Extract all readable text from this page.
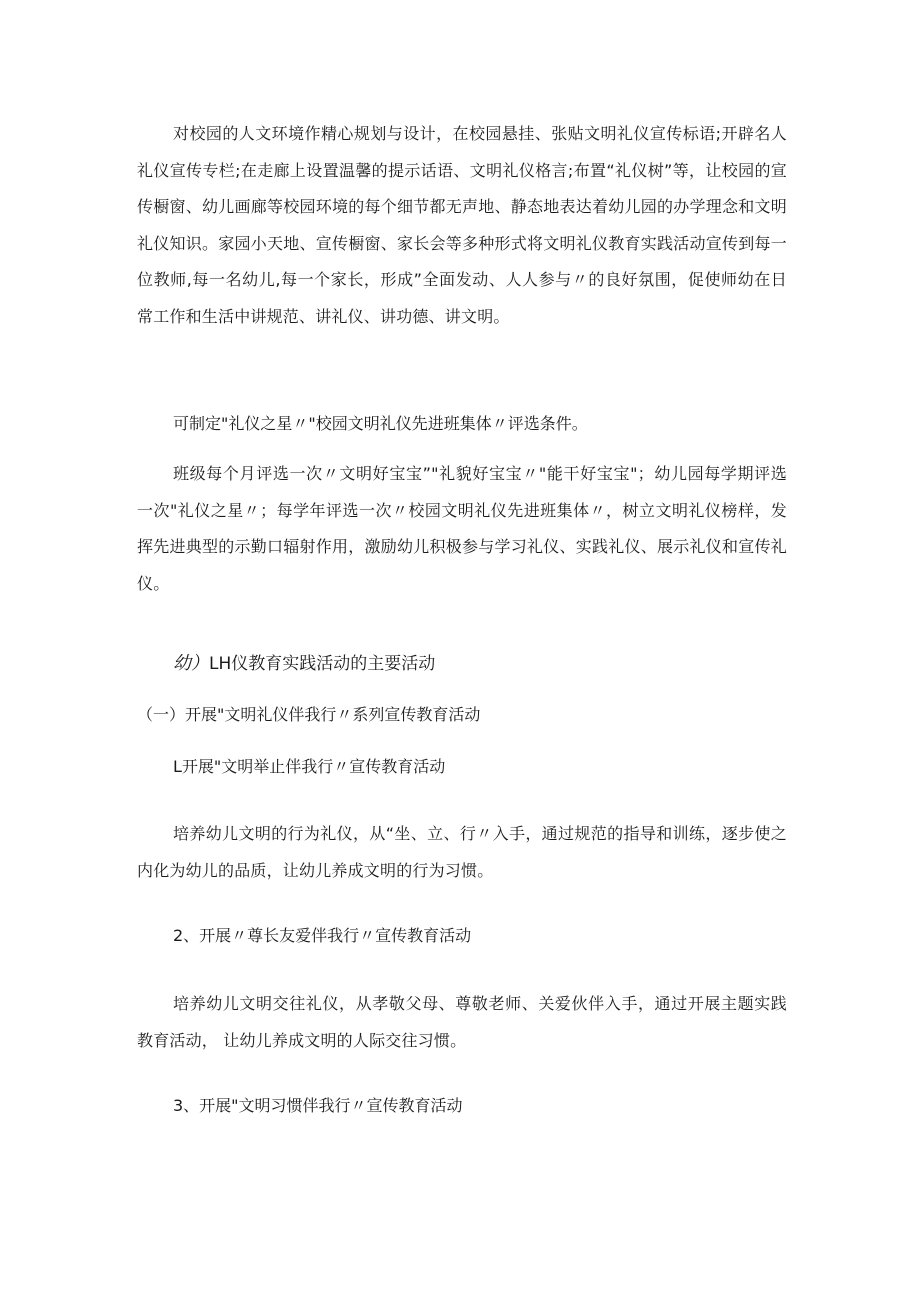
对校园的人文环境作精心规划与设计，在校园悬挂、张贴文明礼仪宣传标语;开辟名人礼仪宣传专栏;在走廊上设置温馨的提示话语、文明礼仪格言;布置“礼仪树”等，让校园的宣传橱窗、幼儿画廊等校园环境的每个细节都无声地、静态地表达着幼儿园的办学理念和文明礼仪知识。家园小天地、宣传橱窗、家长会等多种形式将文明礼仪教育实践活动宣传到每一位教师,每一名幼儿,每一个家长，形成”全面发动、人人参与〃的良好氛围，促使师幼在日常工作和生活中讲规范、讲礼仪、讲功德、讲文明。

可制定"礼仪之星〃"校园文明礼仪先进班集体〃评选条件。

班级每个月评选一次〃文明好宝宝”"礼貌好宝宝〃"能干好宝宝"；幼儿园每学期评选一次"礼仪之星〃；每学年评选一次〃校园文明礼仪先进班集体〃，树立文明礼仪榜样，发挥先进典型的示勤口辐射作用，激励幼儿积极参与学习礼仪、实践礼仪、展示礼仪和宣传礼仪。

幼）LH仪教育实践活动的主要活动

（一）开展"文明礼仪伴我行〃系列宣传教育活动

L开展"文明举止伴我行〃宣传教育活动

培养幼儿文明的行为礼仪，从“坐、立、行〃入手，通过规范的指导和训练，逐步使之内化为幼儿的品质，让幼儿养成文明的行为习惯。

2、开展〃尊长友爱伴我行〃宣传教育活动

培养幼儿文明交往礼仪，从孝敬父母、尊敬老师、关爱伙伴入手，通过开展主题实践教育活动， 让幼儿养成文明的人际交往习惯。

3、开展"文明习惯伴我行〃宣传教育活动
